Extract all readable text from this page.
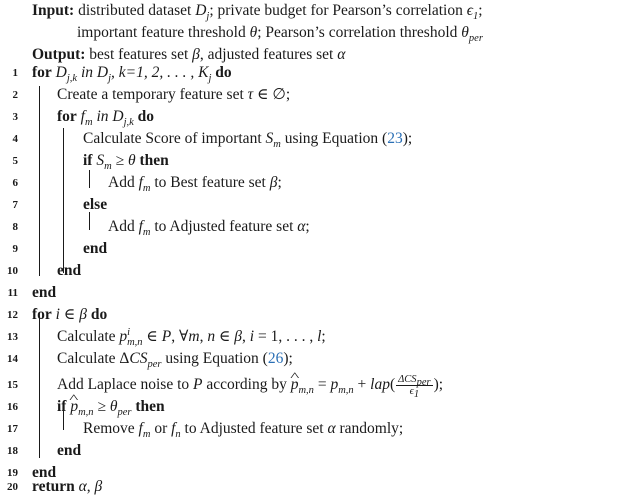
Input: distributed dataset $D_j$; private budget for Pearson’s correlation $\epsilon_1$;
important feature threshold θ; Pearson’s correlation threshold $\theta_{per}$
Output: best features set β, adjusted features set α
1 for $D_{j,k}$ in $D_j$, k=1, 2, . . . , $K_j$ do
2	Create a temporary feature set τ ∈ ∅;
3	for $f_m$ in $D_{j,k}$ do
4	Calculate Score of important $S_m$ using Equation (23);
5	if $S_m \ge \theta$ then
6	Add $f_m$ to Best feature set β;
7	else
8	Add $f_m$ to Adjusted feature set α;
9	end
10	end
11 end
12 for i ∈ β do
13	Calculate $p^i_{m,n}$ ∈ P, ∀m, n ∈ β, i = 1, . . . , l;
14	Calculate $\Delta CS_{per}$ using Equation (26);
15	Add Laplace noise to P according by ^ $p_{m,n} = p_{m,n} + lap( \frac{\Delta CS_{per}}{\epsilon_1}$ );
16	if ^ $p_{m,n} \ge \theta_{per}$ then
17	Remove $f_m$ or $f_n$ to Adjusted feature set α randomly;
18	end
19 end
20 return α, β
